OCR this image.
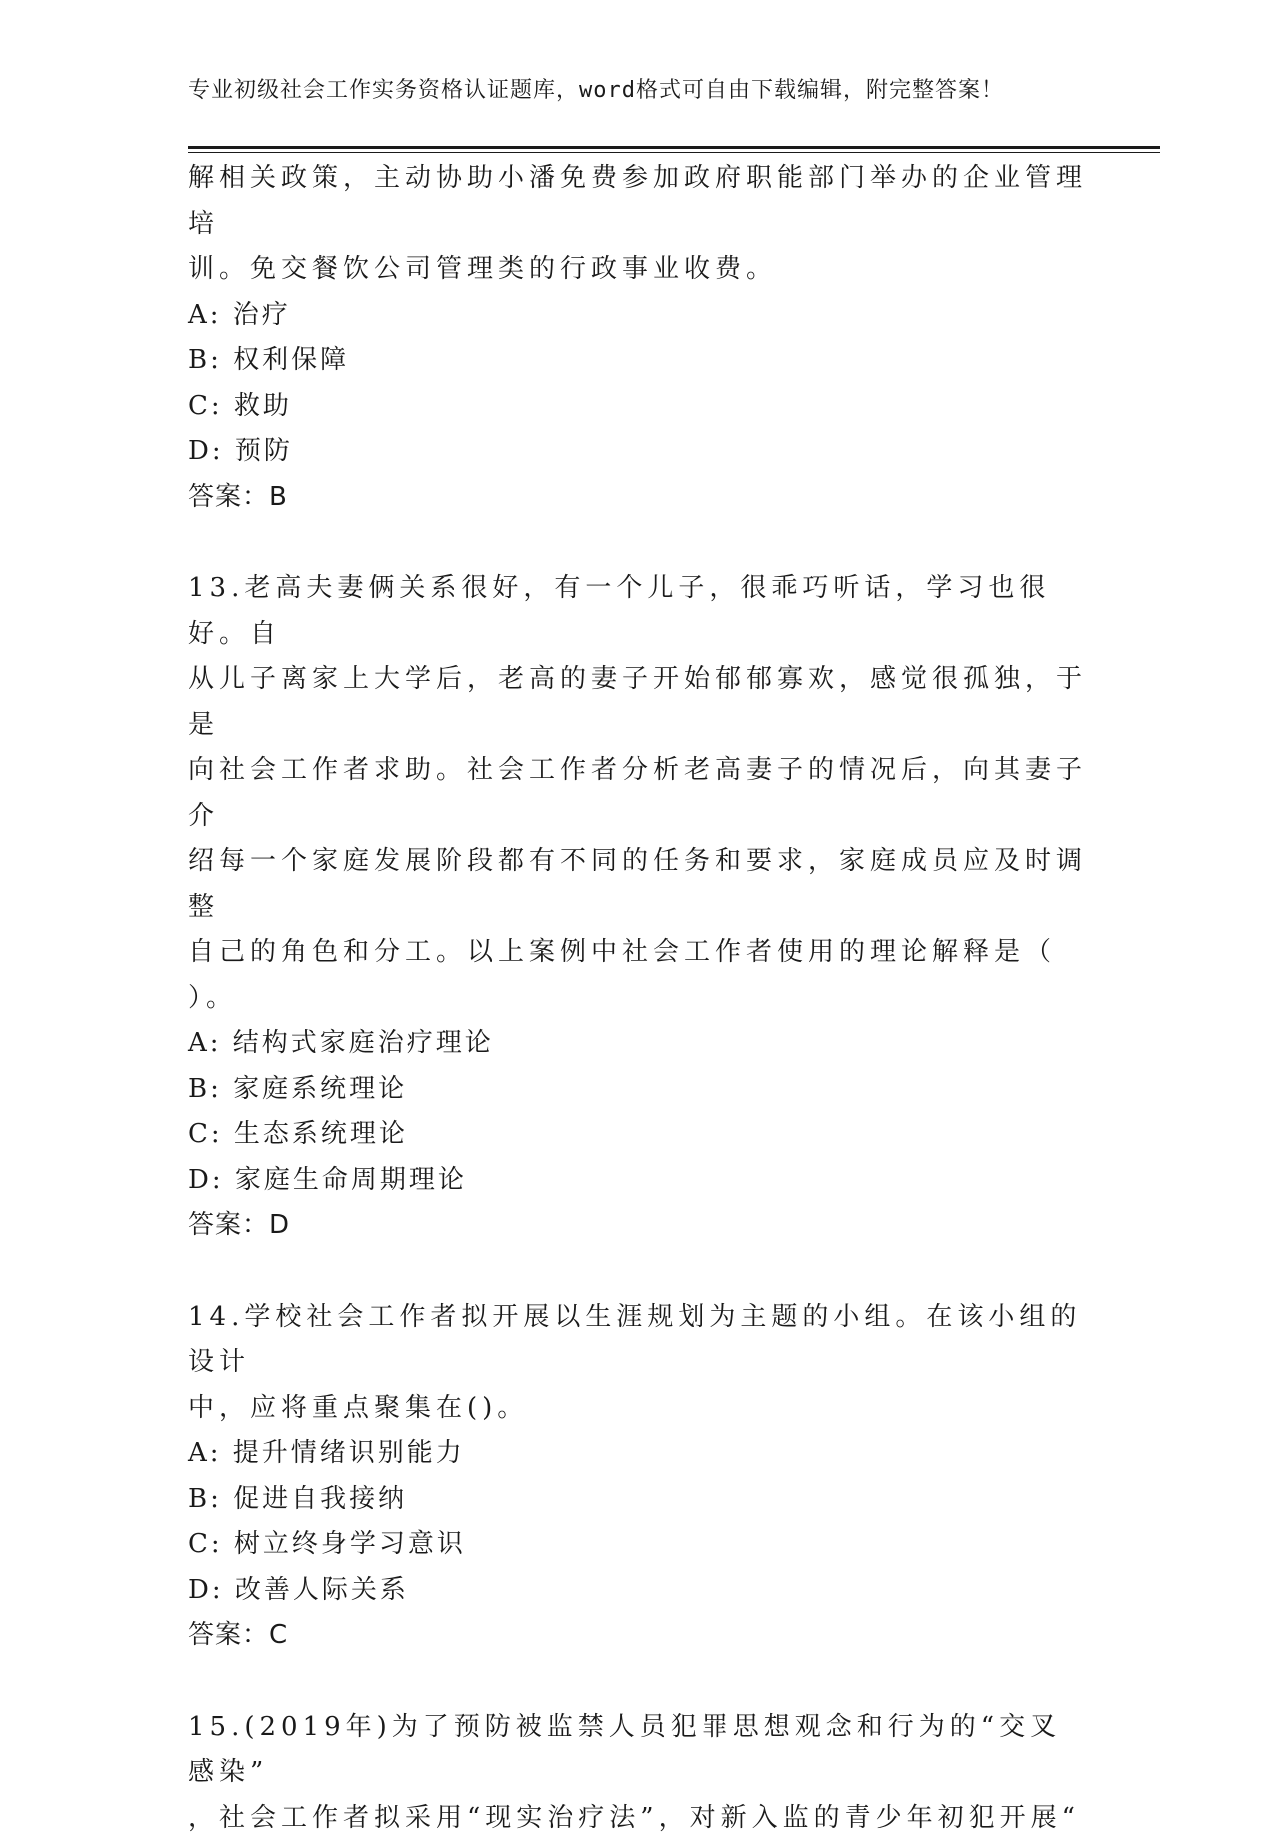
专业初级社会工作实务资格认证题库，word格式可自由下载编辑，附完整答案！

解相关政策，主动协助小潘免费参加政府职能部门举办的企业管理培

训。免交餐饮公司管理类的行政事业收费。

A: 治疗

B: 权利保障

C: 救助

D: 预防

答案：B

13.老高夫妻俩关系很好，有一个儿子，很乖巧听话，学习也很好。自

从儿子离家上大学后，老高的妻子开始郁郁寡欢，感觉很孤独，于是

向社会工作者求助。社会工作者分析老高妻子的情况后，向其妻子介

绍每一个家庭发展阶段都有不同的任务和要求，家庭成员应及时调整

自己的角色和分工。以上案例中社会工作者使用的理论解释是（ ）。

A: 结构式家庭治疗理论

B: 家庭系统理论

C: 生态系统理论

D: 家庭生命周期理论

答案：D

14.学校社会工作者拟开展以生涯规划为主题的小组。在该小组的设计

中，应将重点聚集在()。

A: 提升情绪识别能力

B: 促进自我接纳

C: 树立终身学习意识

D: 改善人际关系

答案：C

15.(2019年)为了预防被监禁人员犯罪思想观念和行为的“交叉感染”

，社会工作者拟采用“现实治疗法”，对新入监的青少年初犯开展“
